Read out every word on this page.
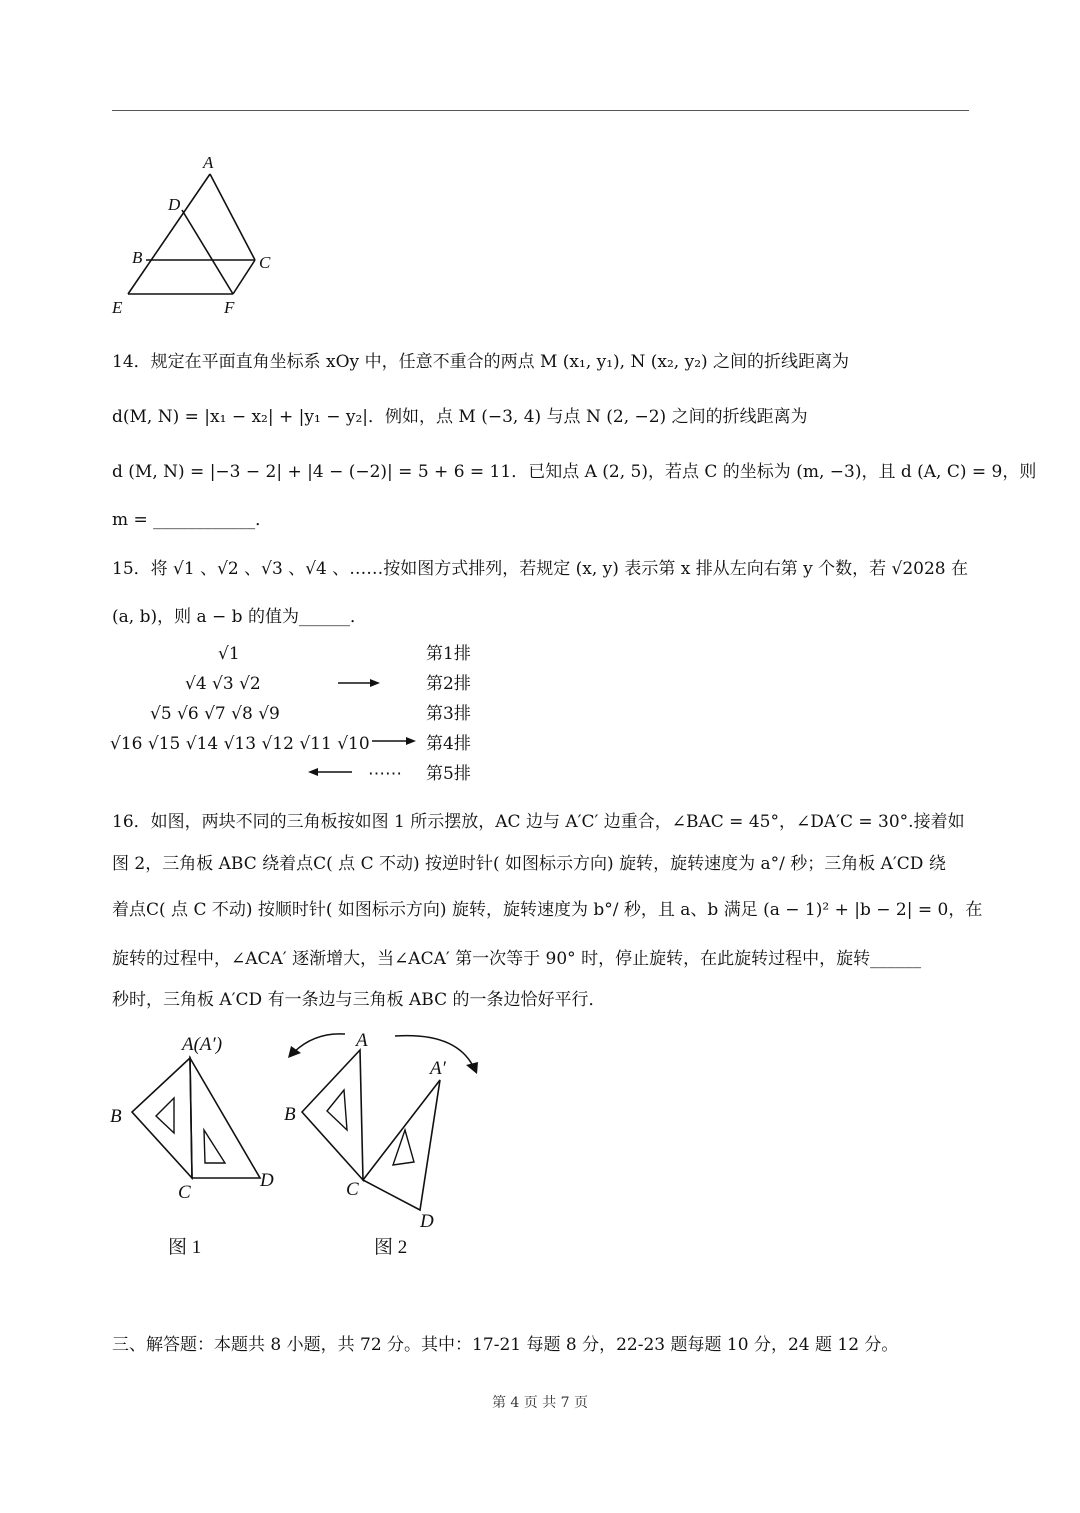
A
D
B	C
E	F
14．规定在平面直角坐标系 xOy 中，任意不重合的两点 M (x₁, y₁), N (x₂, y₂) 之间的折线距离为
d(M, N) = |x₁ − x₂| + |y₁ − y₂|．例如，点 M (−3, 4) 与点 N (2, −2) 之间的折线距离为
d (M, N) = |−3 − 2| + |4 − (−2)| = 5 + 6 = 11．已知点 A (2, 5)，若点 C 的坐标为 (m, −3)，且 d (A, C) = 9，则
m = ____________．
15．将 √1 、√2 、√3 、√4 、……按如图方式排列，若规定 (x, y) 表示第 x 排从左向右第 y 个数，若 √2028 在
(a, b)，则 a − b 的值为______．
√1
√4 √3 √2
√5 √6 √7 √8 √9
√16 √15 √14 √13 √12 √11 √10
⋯⋯
第1排
第2排
第3排
第4排
第5排
16．如图，两块不同的三角板按如图 1 所示摆放，AC 边与 A′C′ 边重合，∠BAC = 45°，∠DA′C = 30°.接着如
图 2，三角板 ABC 绕着点C( 点 C 不动) 按逆时针( 如图标示方向) 旋转，旋转速度为 a°/ 秒；三角板 A′CD 绕
着点C( 点 C 不动) 按顺时针( 如图标示方向) 旋转，旋转速度为 b°/ 秒，且 a、b 满足 (a − 1)² + |b − 2| = 0，在
旋转的过程中，∠ACA′ 逐渐增大，当∠ACA′ 第一次等于 90° 时，停止旋转，在此旋转过程中，旋转______
秒时，三角板 A′CD 有一条边与三角板 ABC 的一条边恰好平行．
A(A′)
B
C
D
图 1
A
A′
B
C
D
图 2
三、解答题：本题共 8 小题，共 72 分。其中：17-21 每题 8 分，22-23 题每题 10 分，24 题 12 分。
第 4 页 共 7 页
